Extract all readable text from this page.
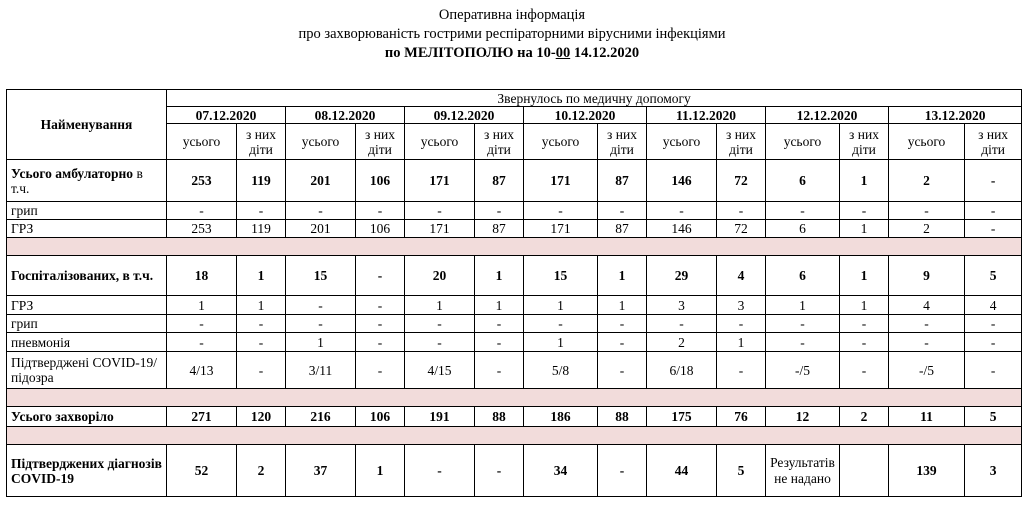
Оперативна інформація
про захворюваність гострими респіраторними вірусними інфекціями
по МЕЛІТОПОЛЮ на 10-00 14.12.2020
Найменування	Звернулось по медичну допомогу													
	07.12.2020		08.12.2020		09.12.2020		10.12.2020		11.12.2020		12.12.2020		13.12.2020	
	усього	з них діти	усього	з них діти	усього	з них діти	усього	з них діти	усього	з них діти	усього	з них діти	усього	з них діти
Усього амбулаторно в т.ч.	253	119	201	106	171	87	171	87	146	72	6	1	2	-
грип	-	-	-	-	-	-	-	-	-	-	-	-	-	-
ГРЗ	253	119	201	106	171	87	171	87	146	72	6	1	2	-

Госпіталізованих, в т.ч.	18	1	15	-	20	1	15	1	29	4	6	1	9	5
ГРЗ	1	1	-	-	1	1	1	1	3	3	1	1	4	4
грип	-	-	-	-	-	-	-	-	-	-	-	-	-	-
пневмонія	-	-	1	-	-	-	1	-	2	1	-	-	-	-
Підтверджені COVID-19/підозра	4/13	-	3/11	-	4/15	-	5/8	-	6/18	-	-/5	-	-/5	-

Усього захворіло	271	120	216	106	191	88	186	88	175	76	12	2	11	5

Підтверджених діагнозів COVID-19	52	2	37	1	-	-	34	-	44	5	Результатів не надано		139	3
